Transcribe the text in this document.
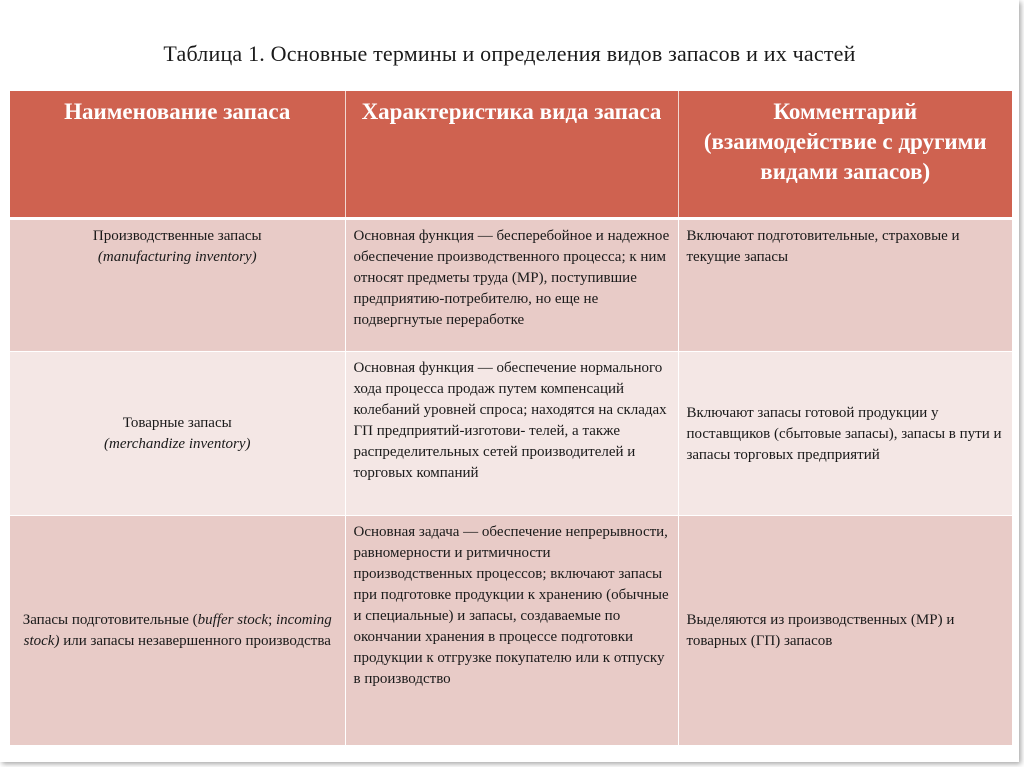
Таблица 1. Основные термины и определения видов запасов и их частей
Наименование запаса	Характеристика вида запаса	Комментарий (взаимодействие с другими видами запасов)

Производственные запасы
(manufacturing inventory)	Основная функция — бесперебойное и надежное обеспечение производственного процесса; к ним относят предметы труда (МР), поступившие предприятию-потребителю, но еще не подвергнутые переработке	Включают подготовительные, страховые и текущие запасы

Товарные запасы
(merchandize inventory)	Основная функция — обеспечение нормального хода процесса продаж путем компенсаций колебаний уровней спроса; находятся на складах ГП предприятий-изготови- телей, а также распределительных сетей производителей и торговых компаний	Включают запасы готовой продукции у поставщиков (сбытовые запасы), запасы в пути и запасы торговых предприятий
Запасы подготовительные (buffer stock; incoming stock) или запасы незавершенного производства	Основная задача — обеспечение непрерывности, равномерности и ритмичности производственных процессов; включают запасы при подготовке продукции к хранению (обычные и специальные) и запасы, создаваемые по окончании хранения в процессе подготовки продукции к отгрузке покупателю или к отпуску в производство	Выделяются из производственных (МР) и товарных (ГП) запасов
